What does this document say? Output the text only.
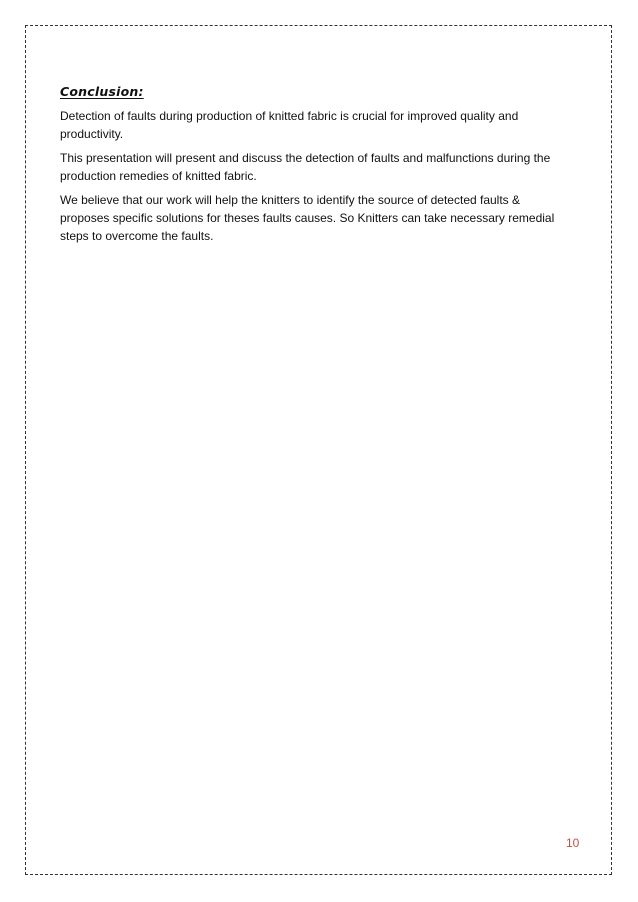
Conclusion:

Detection of faults during production of knitted fabric is crucial for improved quality and productivity.

This presentation will present and discuss the detection of faults and malfunctions during the production remedies of knitted fabric.

We believe that our work will help the knitters to identify the source of detected faults & proposes specific solutions for theses faults causes. So Knitters can take necessary remedial steps to overcome the faults.

10
